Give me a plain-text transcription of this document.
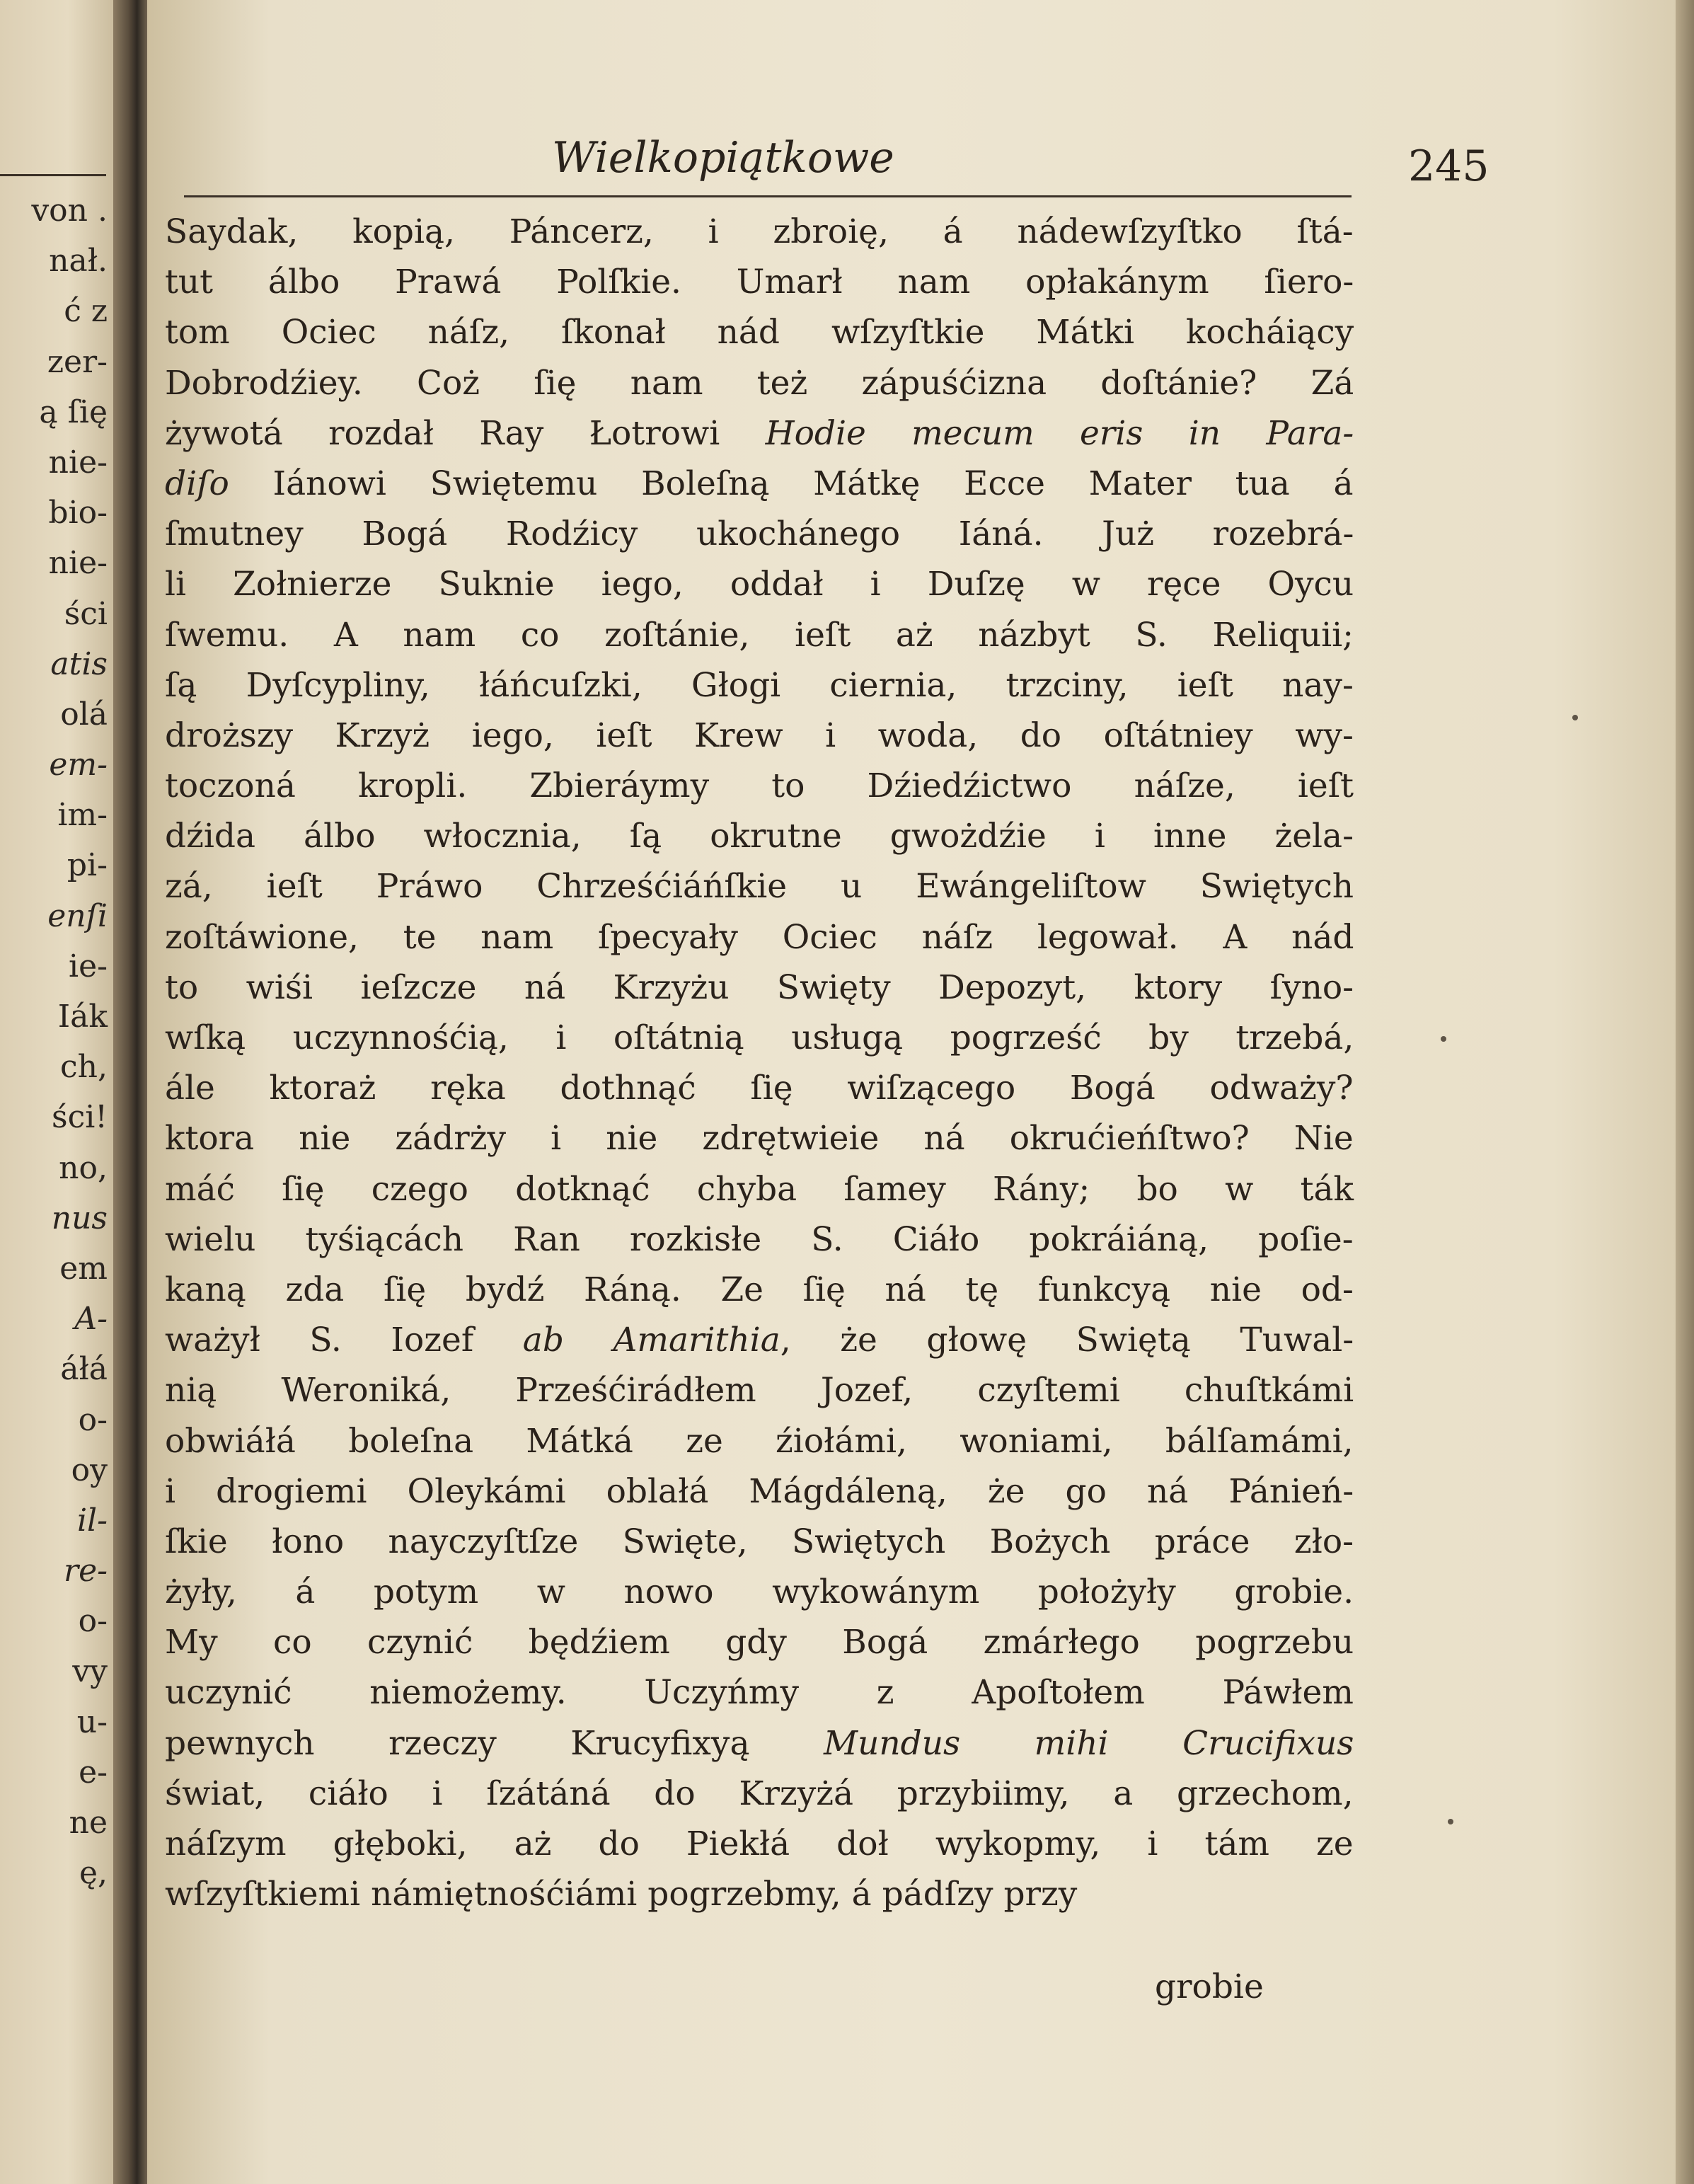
von .
nał.
ć z
zer-
ą ſię
nie-
bio-
nie-
ści
atis
olá
em-
im-
pi-
enſi
ie-
Iák
ch,
ści!
no,
nus
em
A-
áłá
o-
oy
il-
re-
o-
vy
u-
e-
ne
ę,
Wielkopiątkowe	245
Saydak, kopią, Páncerz, i zbroię, á nádewſzyſtko ſtá-
tut álbo Prawá Polſkie. Umarł nam opłakánym ſiero-
tom Ociec náſz, ſkonał nád wſzyſtkie Mátki kocháiący
Dobrodźiey. Coż ſię nam też zápuśćizna doſtánie? Zá
żywotá rozdał Ray Łotrowi Hodie mecum eris in Para-
diſo Iánowi Swiętemu Boleſną Mátkę Ecce Mater tua á
ſmutney Bogá Rodźicy ukochánego Iáná. Już rozebrá-
li Zołnierze Suknie iego, oddał i Duſzę w ręce Oycu
ſwemu. A nam co zoſtánie, ieſt aż názbyt S. Reliquii;
ſą Dyſcypliny, łáńcuſzki, Głogi ciernia, trzciny, ieſt nay-
droższy Krzyż iego, ieſt Krew i woda, do oſtátniey wy-
toczoná kropli. Zbieráymy to Dźiedźictwo náſze, ieſt
dźida álbo włocznia, ſą okrutne gwożdźie i inne żela-
zá, ieſt Práwo Chrześćiáńſkie u Ewángeliſtow Swiętych
zoſtáwione, te nam ſpecyały Ociec náſz legował. A nád
to wiśi ieſzcze ná Krzyżu Swięty Depozyt, ktory ſyno-
wſką uczynnośćią, i oſtátnią usługą pogrześć by trzebá,
ále ktoraż ręka dothnąć ſię wiſzącego Bogá odważy?
ktora nie zádrży i nie zdrętwieie ná okrućieńſtwo? Nie
máć ſię czego dotknąć chyba ſamey Rány; bo w ták
wielu tyśiącách Ran rozkisłe S. Ciáło pokráiáną, poſie-
kaną zda ſię bydź Ráną. Ze ſię ná tę funkcyą nie od-
ważył S. Iozef ab Amarithia, że głowę Swiętą Tuwal-
nią Weroniká, Prześćirádłem Jozef, czyſtemi chuſtkámi
obwiáłá boleſna Mátká ze źiołámi, woniami, bálſamámi,
i drogiemi Oleykámi oblałá Mágdáleną, że go ná Pánień-
ſkie łono nayczyſtſze Swięte, Swiętych Bożych práce zło-
żyły, á potym w nowo wykowánym położyły grobie.
My co czynić będźiem gdy Bogá zmárłego pogrzebu
uczynić niemożemy. Uczyńmy z Apoſtołem Páwłem
pewnych rzeczy Krucyfixyą Mundus mihi Crucifixus
świat, ciáło i ſzátáná do Krzyżá przybiimy, a grzechom,
náſzym głęboki, aż do Piekłá doł wykopmy, i tám ze
wſzyſtkiemi námiętnośćiámi pogrzebmy, á pádſzy przy
grobie
